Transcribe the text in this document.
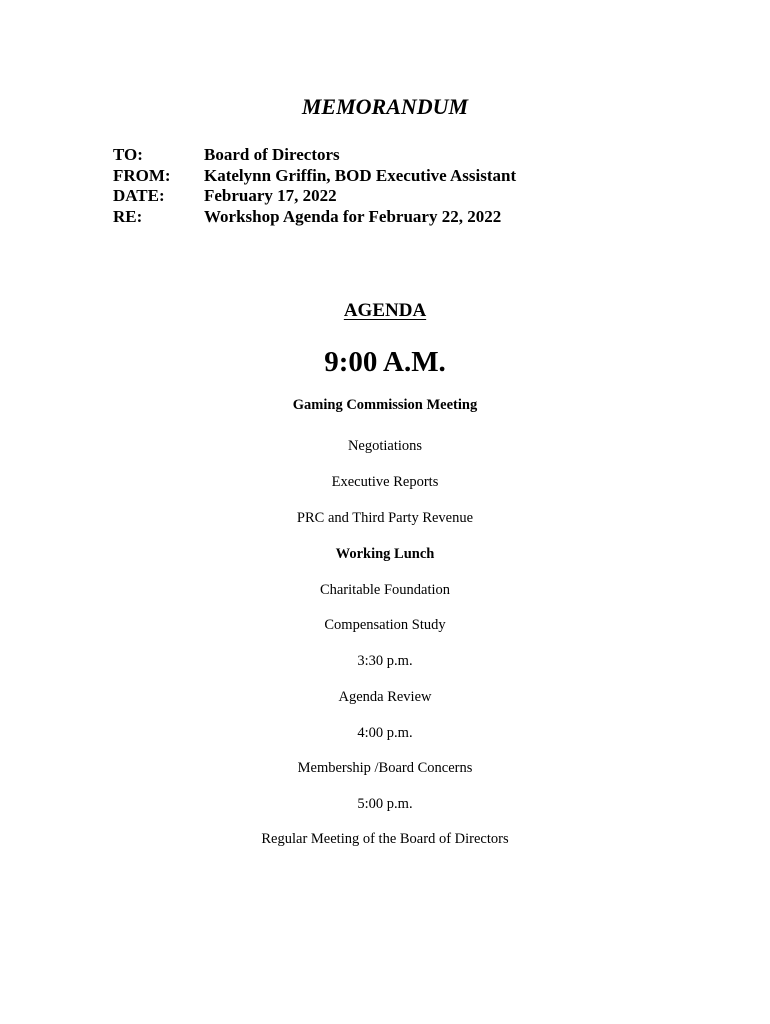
MEMORANDUM
TO:	Board of Directors
FROM:	Katelynn Griffin, BOD Executive Assistant
DATE:	February 17, 2022
RE:	Workshop Agenda for February 22, 2022
AGENDA
9:00 A.M.
Gaming Commission Meeting
Negotiations
Executive Reports
PRC and Third Party Revenue
Working Lunch
Charitable Foundation
Compensation Study
3:30 p.m.
Agenda Review
4:00 p.m.
Membership /Board Concerns
5:00 p.m.
Regular Meeting of the Board of Directors
